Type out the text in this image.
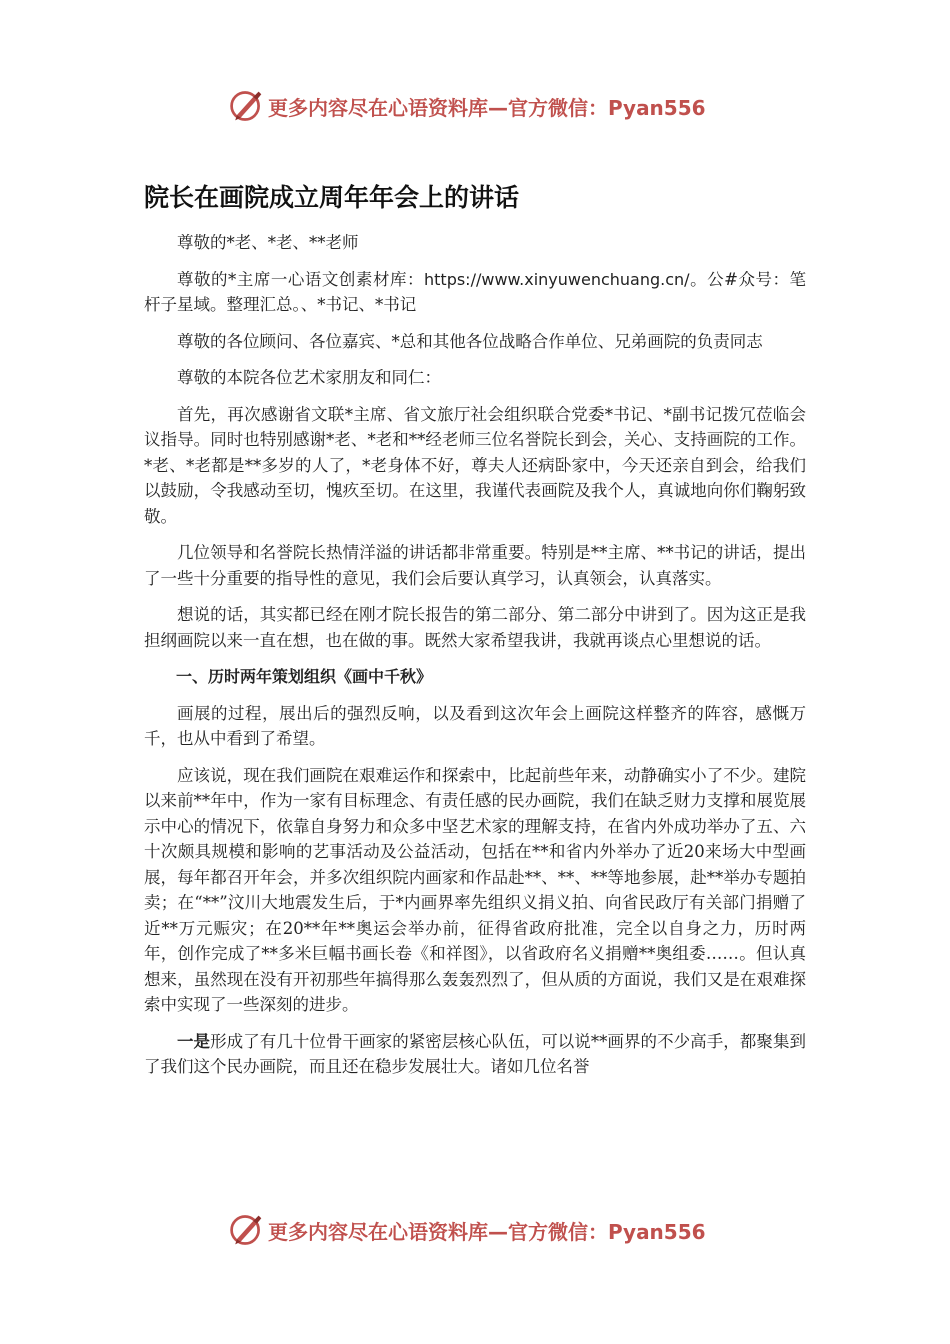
更多内容尽在心语资料库—官方微信：Pyan556
院长在画院成立周年年会上的讲话

尊敬的*老、*老、**老师

尊敬的*主席一心语文创素材库：https://www.xinyuwenchuang.cn/。公#众号：笔杆子星域。整理汇总。、*书记、*书记

尊敬的各位顾问、各位嘉宾、*总和其他各位战略合作单位、兄弟画院的负责同志

尊敬的本院各位艺术家朋友和同仁：

首先，再次感谢省文联*主席、省文旅厅社会组织联合党委*书记、*副书记拨冗莅临会议指导。同时也特别感谢*老、*老和**经老师三位名誉院长到会，关心、支持画院的工作。*老、*老都是**多岁的人了，*老身体不好，尊夫人还病卧家中，今天还亲自到会，给我们以鼓励，令我感动至切，愧疚至切。在这里，我谨代表画院及我个人，真诚地向你们鞠躬致敬。

几位领导和名誉院长热情洋溢的讲话都非常重要。特别是**主席、**书记的讲话，提出了一些十分重要的指导性的意见，我们会后要认真学习，认真领会，认真落实。

想说的话，其实都已经在刚才院长报告的第二部分、第二部分中讲到了。因为这正是我担纲画院以来一直在想，也在做的事。既然大家希望我讲，我就再谈点心里想说的话。

一、历时两年策划组织《画中千秋》

画展的过程，展出后的强烈反响，以及看到这次年会上画院这样整齐的阵容，感慨万千，也从中看到了希望。

应该说，现在我们画院在艰难运作和探索中，比起前些年来，动静确实小了不少。建院以来前**年中，作为一家有目标理念、有责任感的民办画院，我们在缺乏财力支撑和展览展示中心的情况下，依靠自身努力和众多中坚艺术家的理解支持，在省内外成功举办了五、六十次颇具规模和影响的艺事活动及公益活动，包括在**和省内外举办了近20来场大中型画展，每年都召开年会，并多次组织院内画家和作品赴**、**、**等地参展，赴**举办专题拍卖；在“**”汶川大地震发生后，于*内画界率先组织义捐义拍、向省民政厅有关部门捐赠了近**万元赈灾；在20**年**奥运会举办前，征得省政府批准，完全以自身之力，历时两年，创作完成了**多米巨幅书画长卷《和祥图》，以省政府名义捐赠**奥组委……。但认真想来，虽然现在没有开初那些年搞得那么轰轰烈烈了，但从质的方面说，我们又是在艰难探索中实现了一些深刻的进步。

一是形成了有几十位骨干画家的紧密层核心队伍，可以说**画界的不少高手，都聚集到了我们这个民办画院，而且还在稳步发展壮大。诸如几位名誉

更多内容尽在心语资料库—官方微信：Pyan556
